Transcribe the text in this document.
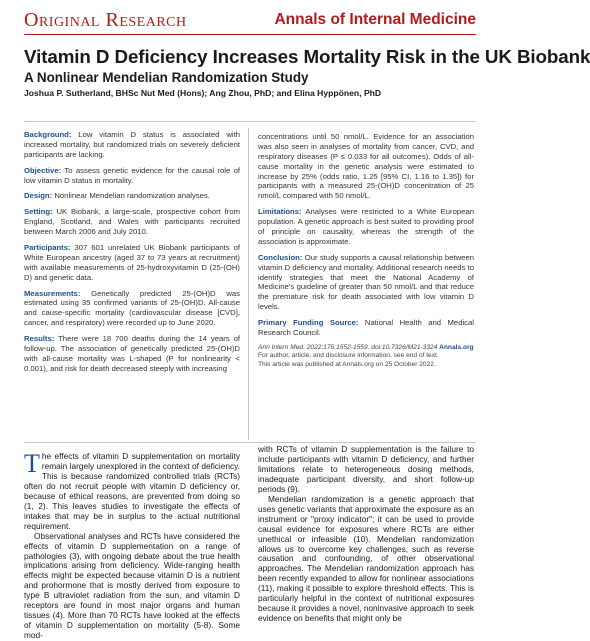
Original Research	Annals of Internal Medicine
Vitamin D Deficiency Increases Mortality Risk in the UK Biobank
A Nonlinear Mendelian Randomization Study

Joshua P. Sutherland, BHSc Nut Med (Hons); Ang Zhou, PhD; and Elina Hyppönen, PhD

Background: Low vitamin D status is associated with increased mortality, but randomized trials on severely deficient participants are lacking.

Objective: To assess genetic evidence for the causal role of low vitamin D status in mortality.

Design: Nonlinear Mendelian randomization analyses.

Setting: UK Biobank, a large-scale, prospective cohort from England, Scotland, and Wales with participants recruited between March 2006 and July 2010.

Participants: 307 601 unrelated UK Biobank participants of White European ancestry (aged 37 to 73 years at recruitment) with available measurements of 25-hydroxyvitamin D (25-(OH) D) and genetic data.

Measurements: Genetically predicted 25-(OH)D was estimated using 35 confirmed variants of 25-(OH)D. All-cause and cause-specific mortality (cardiovascular disease [CVD], cancer, and respiratory) were recorded up to June 2020.

Results: There were 18 700 deaths during the 14 years of follow-up. The association of genetically predicted 25-(OH)D with all-cause mortality was L-shaped (P for nonlinearity < 0.001), and risk for death decreased steeply with increasing

concentrations until 50 nmol/L. Evidence for an association was also seen in analyses of mortality from cancer, CVD, and respiratory diseases (P ≤ 0.033 for all outcomes). Odds of all-cause mortality in the genetic analysis were estimated to increase by 25% (odds ratio, 1.25 [95% CI, 1.16 to 1.35]) for participants with a measured 25-(OH)D concentration of 25 nmol/L compared with 50 nmol/L.

Limitations: Analyses were restricted to a White European population. A genetic approach is best suited to providing proof of principle on causality, whereas the strength of the association is approximate.

Conclusion: Our study supports a causal relationship between vitamin D deficiency and mortality. Additional research needs to identify strategies that meet the National Academy of Medicine's guideline of greater than 50 nmol/L and that reduce the premature risk for death associated with low vitamin D levels.

Primary Funding Source: National Health and Medical Research Council.

Ann Intern Med. 2022;175:1552-1559. doi:10.7326/M21-3324 Annals.org
For author, article, and disclosure information, see end of text.
This article was published at Annals.org on 25 October 2022.

The effects of vitamin D supplementation on mortality remain largely unexplored in the context of deficiency. This is because randomized controlled trials (RCTs) often do not recruit people with vitamin D deficiency or, because of ethical reasons, are prevented from doing so (1, 2). This leaves studies to investigate the effects of intakes that may be in surplus to the actual nutritional requirement.

Observational analyses and RCTs have considered the effects of vitamin D supplementation on a range of pathologies (3), with ongoing debate about the true health implications arising from deficiency. Wide-ranging health effects might be expected because vitamin D is a nutrient and prohormone that is mostly derived from exposure to type B ultraviolet radiation from the sun, and vitamin D receptors are found in most major organs and human tissues (4). More than 70 RCTs have looked at the effects of vitamin D supplementation on mortality (5-8). Some mod-

with RCTs of vitamin D supplementation is the failure to include participants with vitamin D deficiency, and further limitations relate to heterogeneous dosing methods, inadequate participant diversity, and short follow-up periods (9).

Mendelian randomization is a genetic approach that uses genetic variants that approximate the exposure as an instrument or "proxy indicator"; it can be used to provide causal evidence for exposures where RCTs are either unethical or infeasible (10). Mendelian randomization allows us to overcome key challenges, such as reverse causation and confounding, of other observational approaches. The Mendelian randomization approach has been recently expanded to allow for nonlinear associations (11), making it possible to explore threshold effects. This is particularly helpful in the context of nutritional exposures because it provides a novel, noninvasive approach to seek evidence on benefits that might only be
